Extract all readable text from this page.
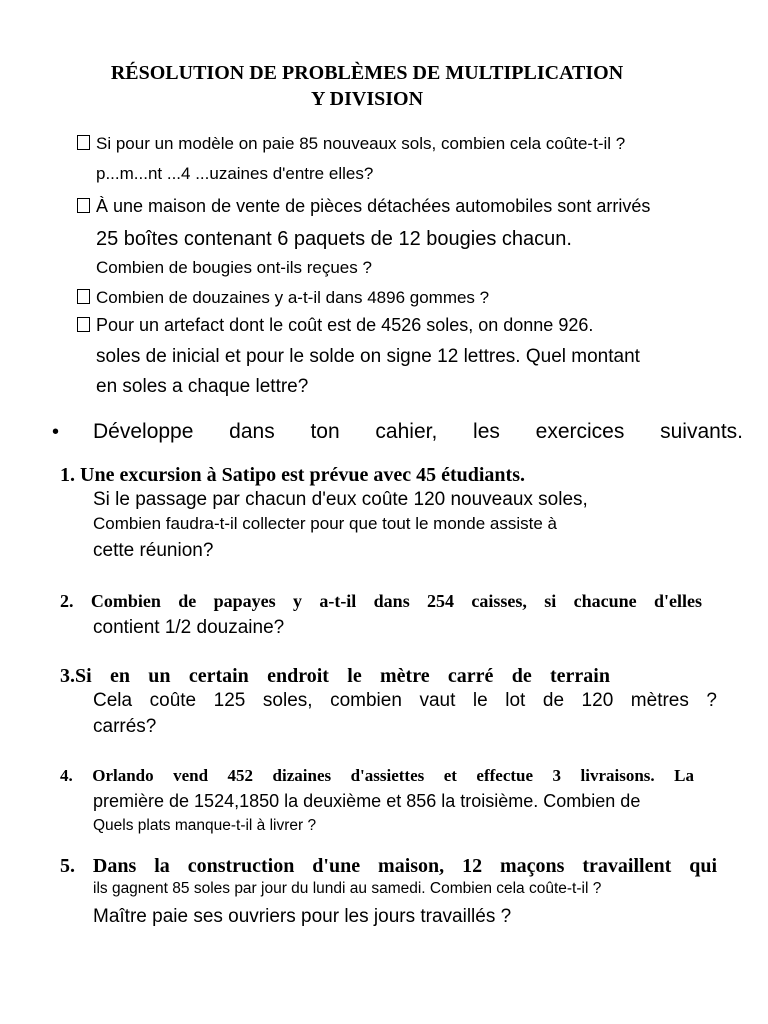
RÉSOLUTION DE PROBLÈMES DE MULTIPLICATION
Y DIVISION
Si pour un modèle on paie 85 nouveaux sols, combien cela coûte-t-il ?
p...m...nt ...4 ...uzaines d'entre elles?
À une maison de vente de pièces détachées automobiles sont arrivés
25 boîtes contenant 6 paquets de 12 bougies chacun.
Combien de bougies ont-ils reçues ?
Combien de douzaines y a-t-il dans 4896 gommes ?
Pour un artefact dont le coût est de 4526 soles, on donne 926.
soles de inicial et pour le solde on signe 12 lettres. Quel montant
en soles a chaque lettre?
• Développe dans ton cahier, les exercices suivants.
1. Une excursion à Satipo est prévue avec 45 étudiants.
Si le passage par chacun d'eux coûte 120 nouveaux soles,
Combien faudra-t-il collecter pour que tout le monde assiste à
cette réunion?
2. Combien de papayes y a-t-il dans 254 caisses, si chacune d'elles
contient 1/2 douzaine?
3.Si en un certain endroit le mètre carré de terrain
Cela coûte 125 soles, combien vaut le lot de 120 mètres ?
carrés?
4. Orlando vend 452 dizaines d'assiettes et effectue 3 livraisons. La
première de 1524,1850 la deuxième et 856 la troisième. Combien de
Quels plats manque-t-il à livrer ?
5. Dans la construction d'une maison, 12 maçons travaillent qui
ils gagnent 85 soles par jour du lundi au samedi. Combien cela coûte-t-il ?
Maître paie ses ouvriers pour les jours travaillés ?
